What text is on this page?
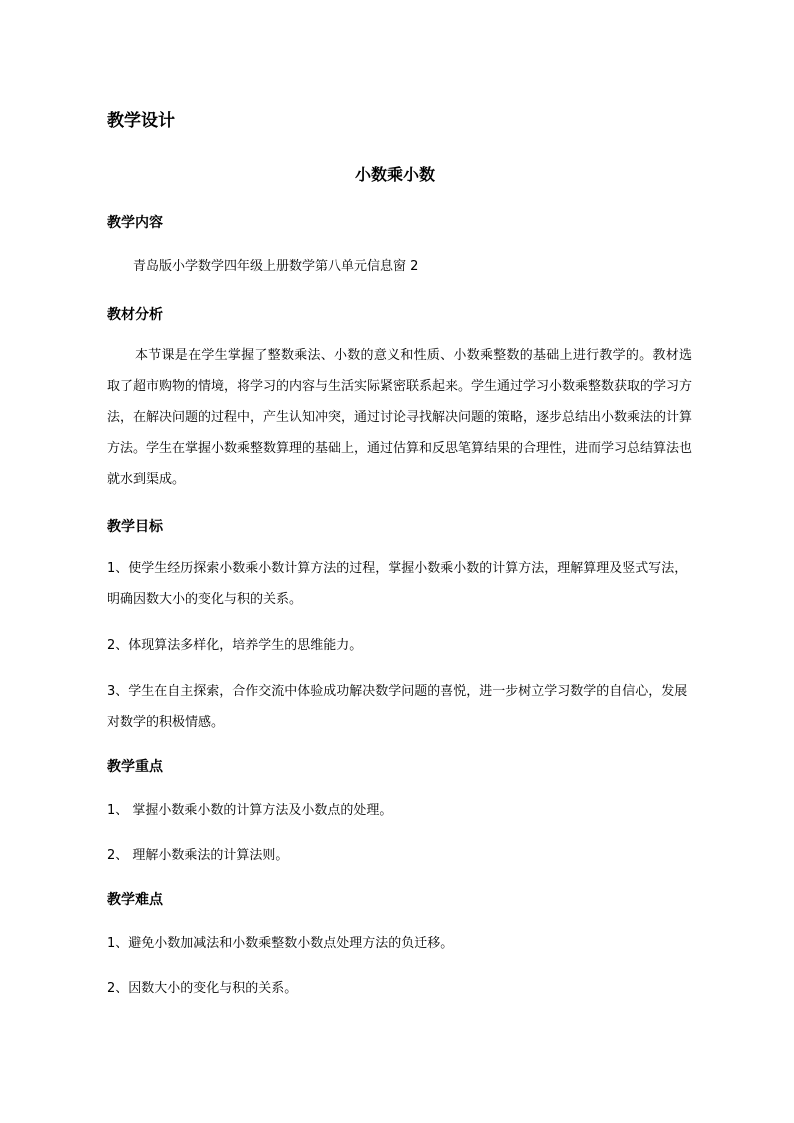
教学设计
小数乘小数
教学内容
青岛版小学数学四年级上册数学第八单元信息窗 2
教材分析
本节课是在学生掌握了整数乘法、小数的意义和性质、小数乘整数的基础上进行教学的。教材选取了超市购物的情境，将学习的内容与生活实际紧密联系起来。学生通过学习小数乘整数获取的学习方法，在解决问题的过程中，产生认知冲突，通过讨论寻找解决问题的策略，逐步总结出小数乘法的计算方法。学生在掌握小数乘整数算理的基础上，通过估算和反思笔算结果的合理性，进而学习总结算法也就水到渠成。
教学目标
1、使学生经历探索小数乘小数计算方法的过程，掌握小数乘小数的计算方法，理解算理及竖式写法，明确因数大小的变化与积的关系。
2、体现算法多样化，培养学生的思维能力。
3、学生在自主探索，合作交流中体验成功解决数学问题的喜悦，进一步树立学习数学的自信心，发展对数学的积极情感。
教学重点
1、 掌握小数乘小数的计算方法及小数点的处理。
2、 理解小数乘法的计算法则。
教学难点
1、避免小数加减法和小数乘整数小数点处理方法的负迁移。
2、因数大小的变化与积的关系。
